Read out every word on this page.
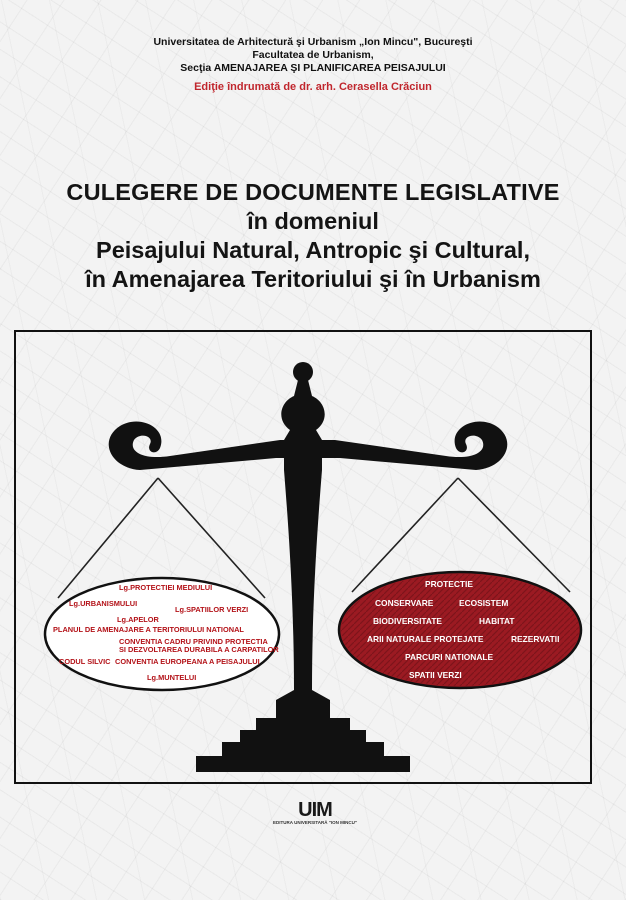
Universitatea de Arhitectură şi Urbanism „Ion Mincu", Bucureşti
Facultatea de Urbanism,
Secţia AMENAJAREA ŞI PLANIFICAREA PEISAJULUI
Ediţie îndrumată de dr. arh. Cerasella Crăciun
CULEGERE DE DOCUMENTE LEGISLATIVE
în domeniul
Peisajului Natural, Antropic şi Cultural,
în Amenajarea Teritoriului şi în Urbanism
Lg.PROTECTIEI MEDIULUI
Lg.URBANISMULUI
Lg.SPATIILOR VERZI
Lg.APELOR
PLANUL DE AMENAJARE A TERITORIULUI NATIONAL
CONVENTIA CADRU PRIVIND PROTECTIA
SI DEZVOLTAREA DURABILA A CARPATILOR
CODUL SILVIC CONVENTIA EUROPEANA A PEISAJULUI
Lg.MUNTELUI
PROTECTIE
CONSERVARE	ECOSISTEM
BIODIVERSITATE	HABITAT
ARII NATURALE PROTEJATE	REZERVATII
PARCURI NATIONALE
SPATII VERZI
UIM
EDITURA UNIVERSITARĂ "ION MINCU"
